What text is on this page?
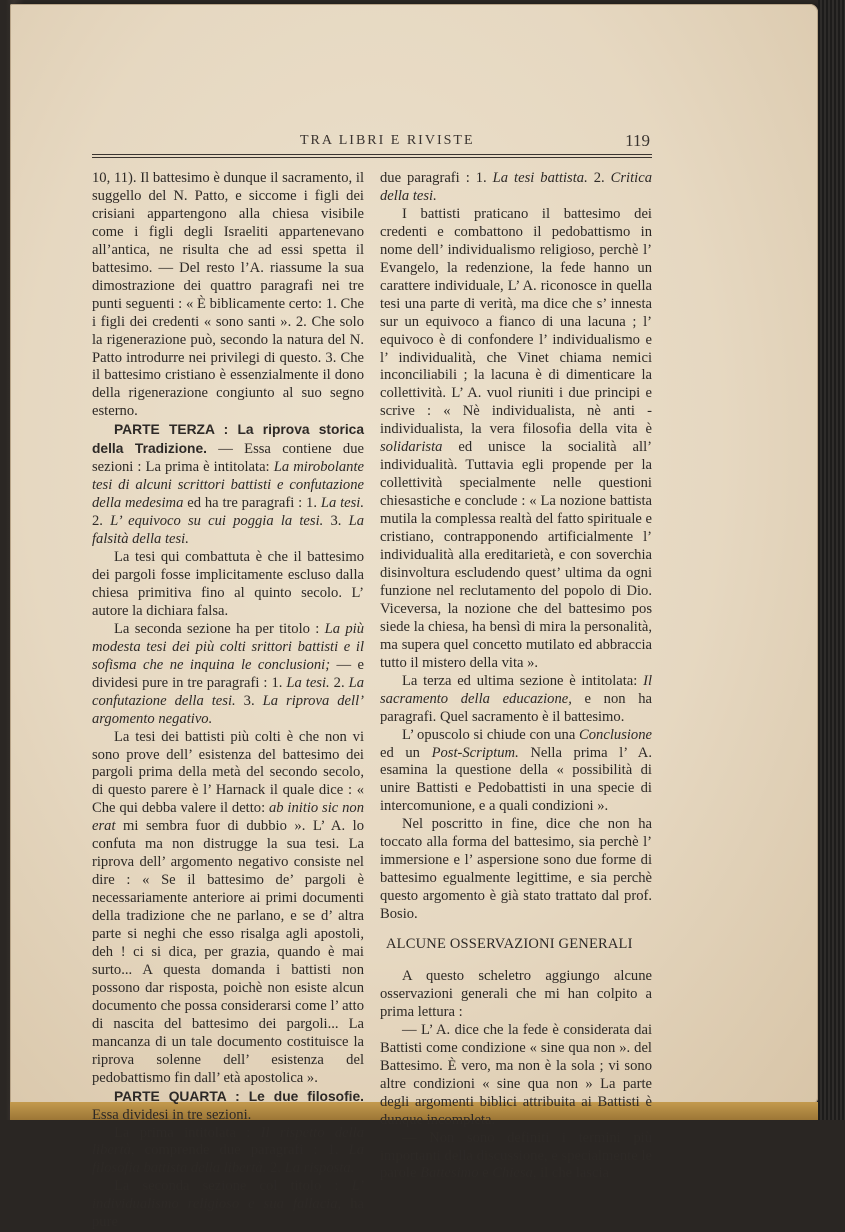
TRA LIBRI E RIVISTE	119

10, 11). Il battesimo è dunque il sacramento, il suggello del N. Patto, e siccome i figli dei crisiani appartengono alla chiesa visibile come i figli degli Israeliti appartenevano all’antica, ne risulta che ad essi spetta il battesimo. — Del resto l’A. riassume la sua dimostrazione dei quattro paragrafi nei tre punti seguenti : « È biblicamente certo: 1. Che i figli dei credenti « sono santi ». 2. Che solo la rigenerazione può, secondo la natura del N. Patto introdurre nei privilegi di questo. 3. Che il battesimo cristiano è essenzialmente il dono della rigenerazione congiunto al suo segno esterno.

PARTE TERZA : La riprova storica della Tradizione. — Essa contiene due sezioni : La prima è intitolata: La mirobolante tesi di alcuni scrittori battisti e confutazione della medesima ed ha tre paragrafi : 1. La tesi. 2. L’ equivoco su cui poggia la tesi. 3. La falsità della tesi.

La tesi qui combattuta è che il battesimo dei pargoli fosse implicitamente escluso dalla chiesa primitiva fino al quinto secolo. L’ autore la dichiara falsa.

La seconda sezione ha per titolo : La più modesta tesi dei più colti srittori battisti e il sofisma che ne inquina le conclusioni; — e dividesi pure in tre paragrafi : 1. La tesi. 2. La confutazione della tesi. 3. La riprova dell’ argomento negativo.

La tesi dei battisti più colti è che non vi sono prove dell’ esistenza del battesimo dei pargoli prima della metà del secondo secolo, di questo parere è l’ Harnack il quale dice : « Che qui debba valere il detto: ab initio sic non erat mi sembra fuor di dubbio ». L’ A. lo confuta ma non distrugge la sua tesi. La riprova dell’ argomento negativo consiste nel dire : « Se il battesimo de’ pargoli è necessariamente anteriore ai primi documenti della tradizione che ne parlano, e se d’ altra parte si neghi che esso risalga agli apostoli, deh ! ci si dica, per grazia, quando è mai surto... A questa domanda i battisti non possono dar risposta, poichè non esiste alcun documento che possa considerarsi come l’ atto di nascita del battesimo dei pargoli... La mancanza di un tale documento costituisce la riprova solenne dell’ esistenza del pedobattismo fin dall’ età apostolica ».

PARTE QUARTA : Le due filosofie. Essa dividesi in tre sezioni.

La prima intitolata : Il rispetto della libertà, comprende due paragrafi : 1. La filosofia battista della libertà. 2. La risposta.

La seconda sezione col titolo : L’ individualismo religioso e sua fallacia, ha pure

due paragrafi : 1. La tesi battista. 2. Critica della tesi.

I battisti praticano il battesimo dei credenti e combattono il pedobattismo in nome dell’ individualismo religioso, perchè l’ Evangelo, la redenzione, la fede hanno un carattere individuale, L’ A. riconosce in quella tesi una parte di verità, ma dice che s’ innesta sur un equivoco a fianco di una lacuna ; l’ equivoco è di confondere l’ individualismo e l’ individualità, che Vinet chiama nemici inconciliabili ; la lacuna è di dimenticare la collettività. L’ A. vuol riuniti i due principi e scrive : « Nè individualista, nè anti - individualista, la vera filosofia della vita è solidarista ed unisce la socialità all’ individualità. Tuttavia egli propende per la collettività specialmente nelle questioni chiesastiche e conclude : « La nozione battista mutila la complessa realtà del fatto spirituale e cristiano, contrapponendo artificialmente l’ individualità alla ereditarietà, e con soverchia disinvoltura escludendo quest’ ultima da ogni funzione nel reclutamento del popolo di Dio. Viceversa, la nozione che del battesimo pos siede la chiesa, ha bensì di mira la personalità, ma supera quel concetto mutilato ed abbraccia tutto il mistero della vita ».

La terza ed ultima sezione è intitolata: Il sacramento della educazione, e non ha paragrafi. Quel sacramento è il battesimo.

L’ opuscolo si chiude con una Conclusione ed un Post-Scriptum. Nella prima l’ A. esamina la questione della « possibilità di unire Battisti e Pedobattisti in una specie di intercomunione, e a quali condizioni ».

Nel poscritto in fine, dice che non ha toccato alla forma del battesimo, sia perchè l’ immersione e l’ aspersione sono due forme di battesimo egualmente legittime, e sia perchè questo argomento è già stato trattato dal prof. Bosio.

ALCUNE OSSERVAZIONI GENERALI

A questo scheletro aggiungo alcune osservazioni generali che mi han colpito a prima lettura :

— L’ A. dice che la fede è considerata dai Battisti come condizione « sine qua non ». del Battesimo. È vero, ma non è la sola ; vi sono altre condizioni « sine qua non » La parte degli argomenti biblici attribuita ai Battisti è dunque incompleta.

— Non sono definiti i termini più importanti della discussione, e specialmente le parole Battesimo e Chiesa, il che lascia
